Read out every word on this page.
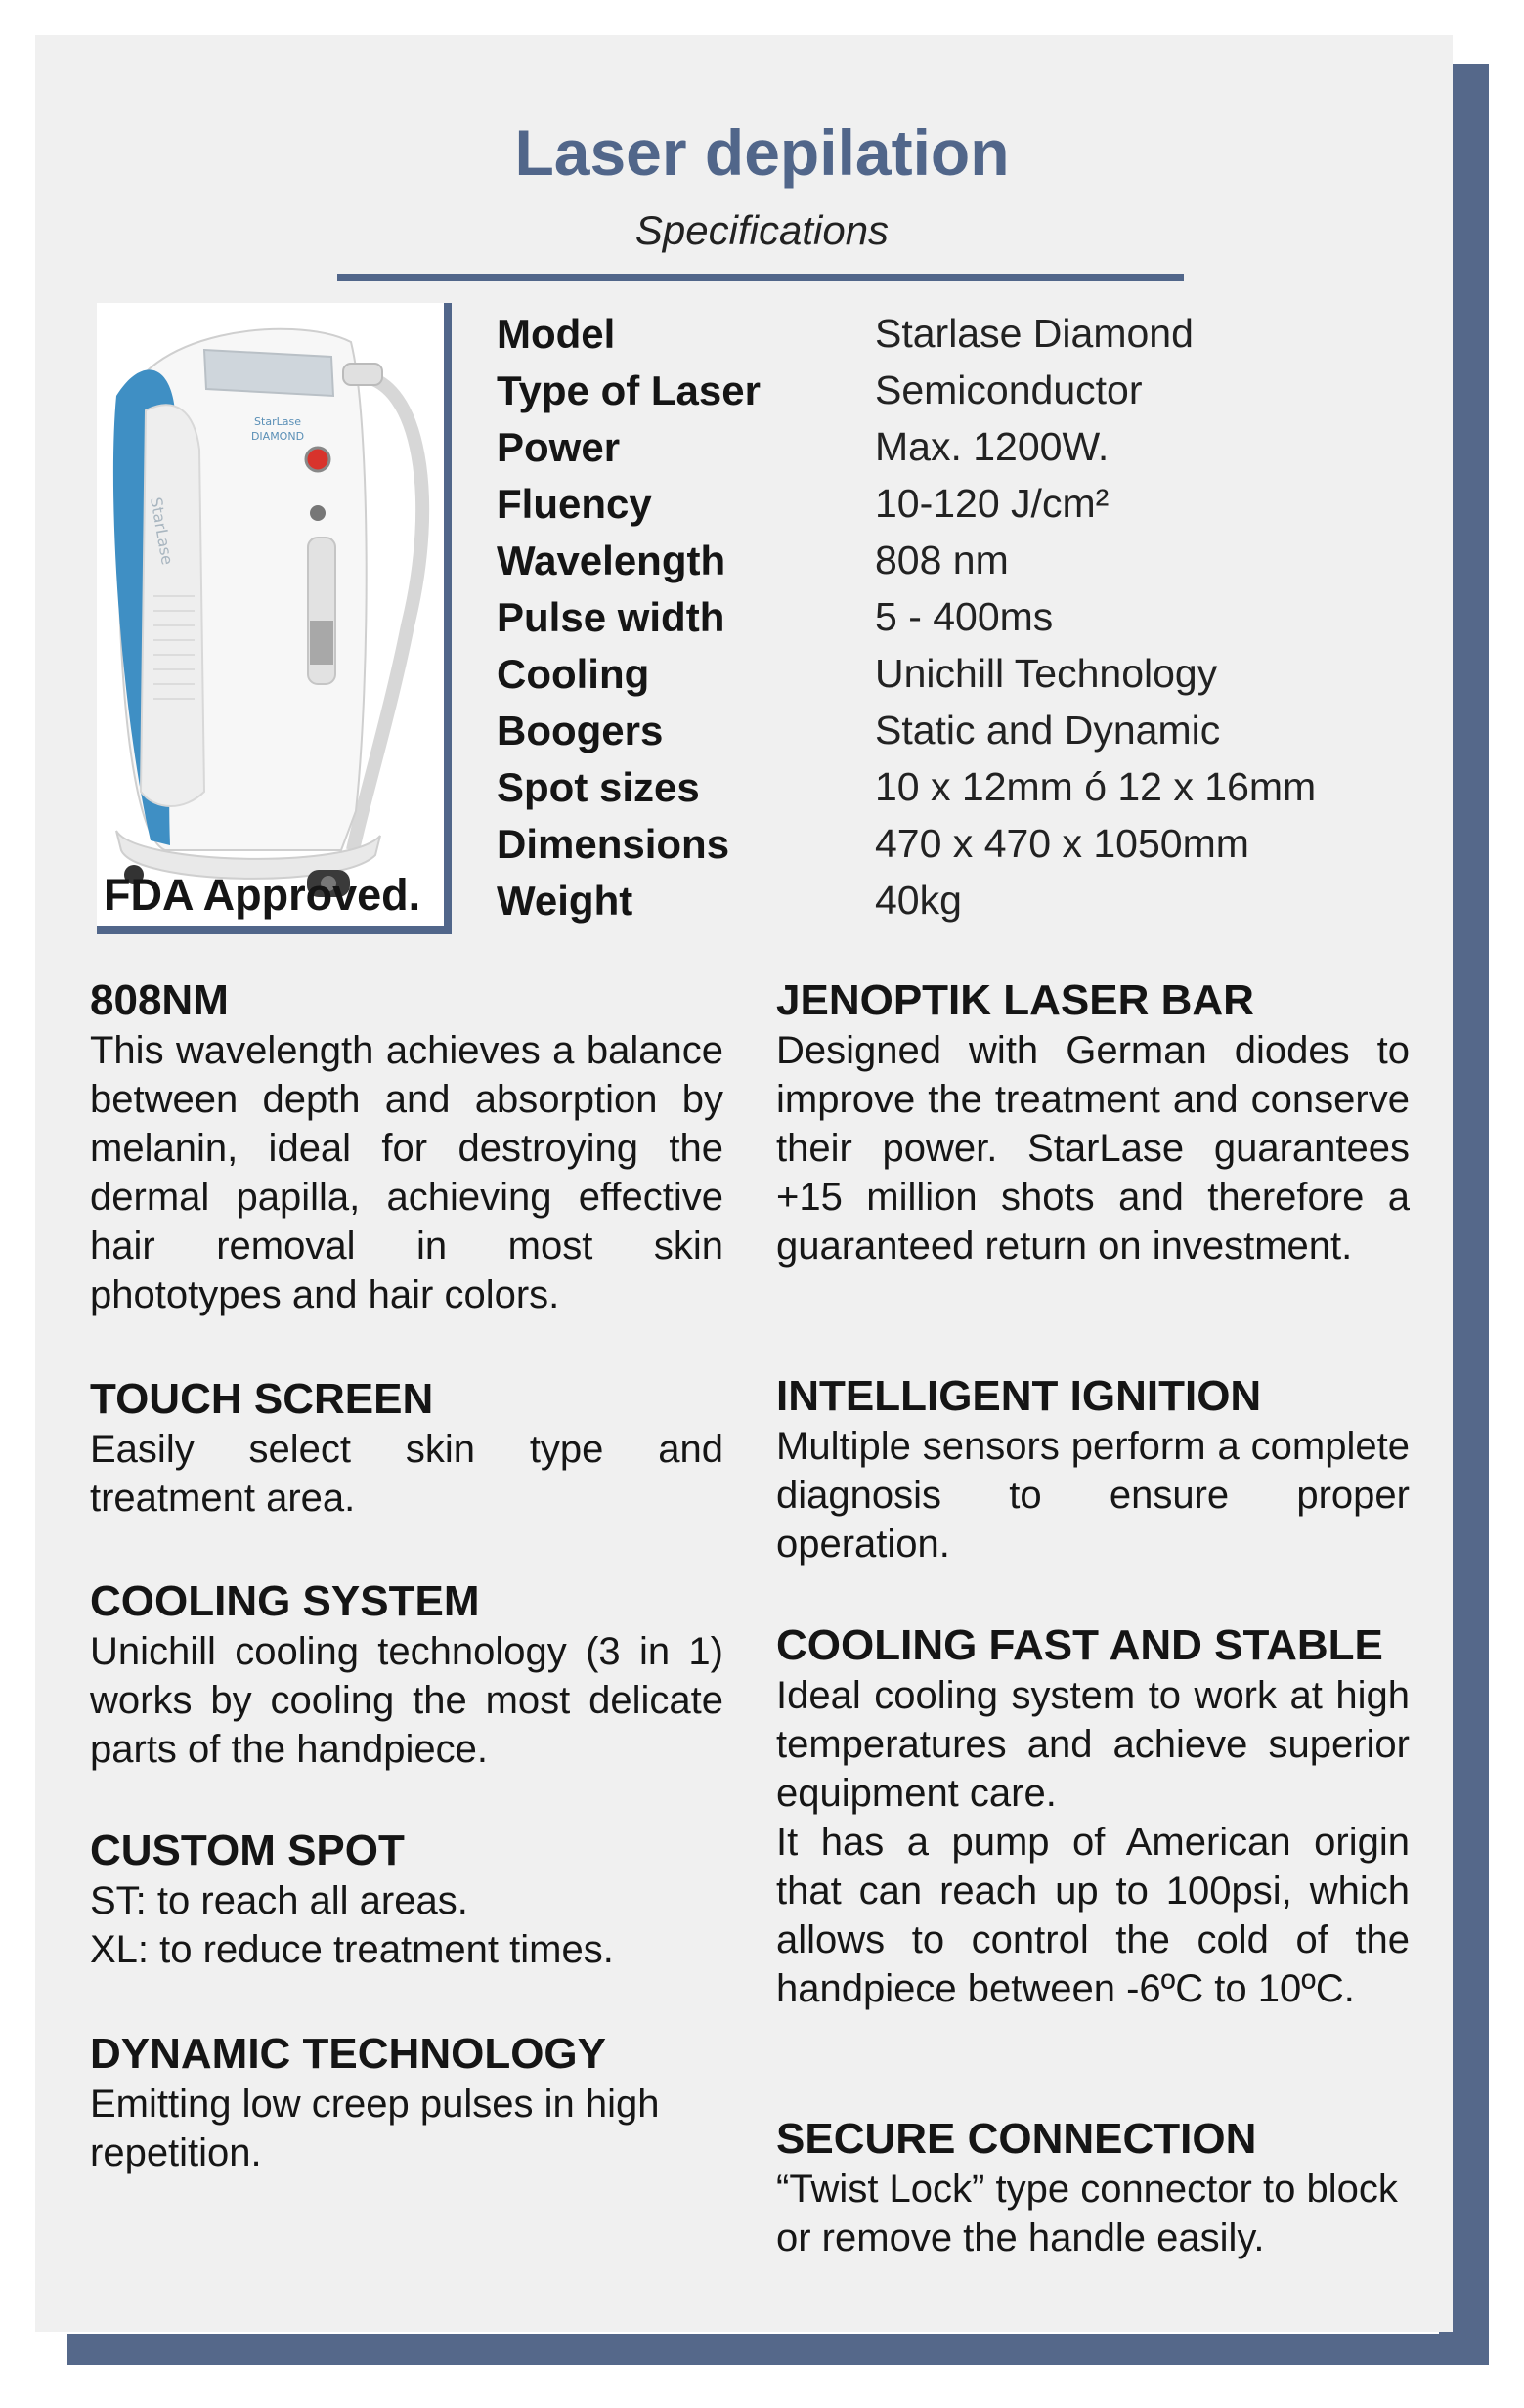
Laser depilation
Specifications
StarLase
DIAMOND
StarLase
FDA Approved.
Model	Starlase Diamond
Type of Laser	Semiconductor
Power	Max. 1200W.
Fluency	10-120 J/cm²
Wavelength	808 nm
Pulse width	5 - 400ms
Cooling	Unichill Technology
Boogers	Static and Dynamic
Spot sizes	10 x 12mm ó 12 x 16mm
Dimensions	470 x 470 x 1050mm
Weight	40kg
808NM

This wavelength achieves a balance between depth and absorption by melanin, ideal for destroying the dermal papilla, achieving effective hair removal in most skin phototypes and hair colors.

TOUCH SCREEN

Easily select skin type and treatment area.

COOLING SYSTEM

Unichill cooling technology (3 in 1) works by cooling the most delicate parts of the handpiece.

CUSTOM SPOT

ST: to reach all areas.

XL: to reduce treatment times.

DYNAMIC TECHNOLOGY

Emitting low creep pulses in high repetition.

JENOPTIK LASER BAR

Designed with German diodes to improve the treatment and conserve their power. StarLase guarantees +15 million shots and therefore a guaranteed return on investment.

INTELLIGENT IGNITION

Multiple sensors perform a complete diagnosis to ensure proper operation.

COOLING FAST AND STABLE

Ideal cooling system to work at high temperatures and achieve superior equipment care.

It has a pump of American origin that can reach up to 100psi, which allows to control the cold of the handpiece between -6ºC to 10ºC.

SECURE CONNECTION

“Twist Lock” type connector to block or remove the handle easily.
